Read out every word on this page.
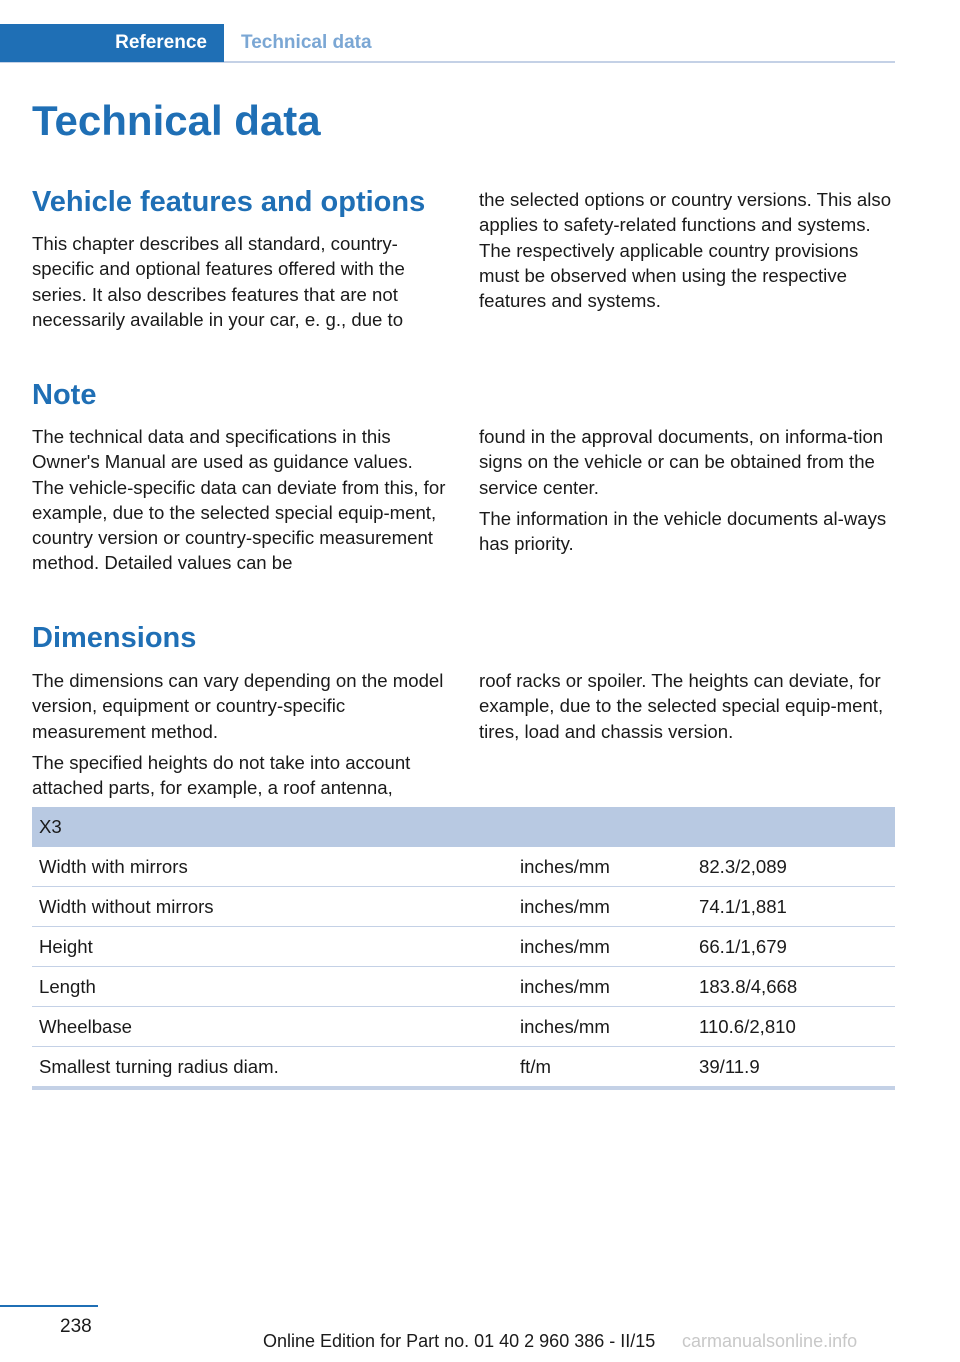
Reference	Technical data
Technical data
Vehicle features and options

This chapter describes all standard, country-specific and optional features offered with the series. It also describes features that are not necessarily available in your car, e. g., due to

the selected options or country versions. This also applies to safety-related functions and systems. The respectively applicable country provisions must be observed when using the respective features and systems.

Note

The technical data and specifications in this Owner's Manual are used as guidance values. The vehicle-specific data can deviate from this, for example, due to the selected special equip-ment, country version or country-specific measurement method. Detailed values can be

found in the approval documents, on informa-tion signs on the vehicle or can be obtained from the service center.

The information in the vehicle documents al-ways has priority.

Dimensions

The dimensions can vary depending on the model version, equipment or country-specific measurement method.

The specified heights do not take into account attached parts, for example, a roof antenna,

roof racks or spoiler. The heights can deviate, for example, due to the selected special equip-ment, tires, load and chassis version.

X3		
Width with mirrors	inches/mm	82.3/2,089
Width without mirrors	inches/mm	74.1/1,881
Height	inches/mm	66.1/1,679
Length	inches/mm	183.8/4,668
Wheelbase	inches/mm	110.6/2,810
Smallest turning radius diam.	ft/m	39/11.9
238
Online Edition for Part no. 01 40 2 960 386 - II/15 carmanualsonline.info
